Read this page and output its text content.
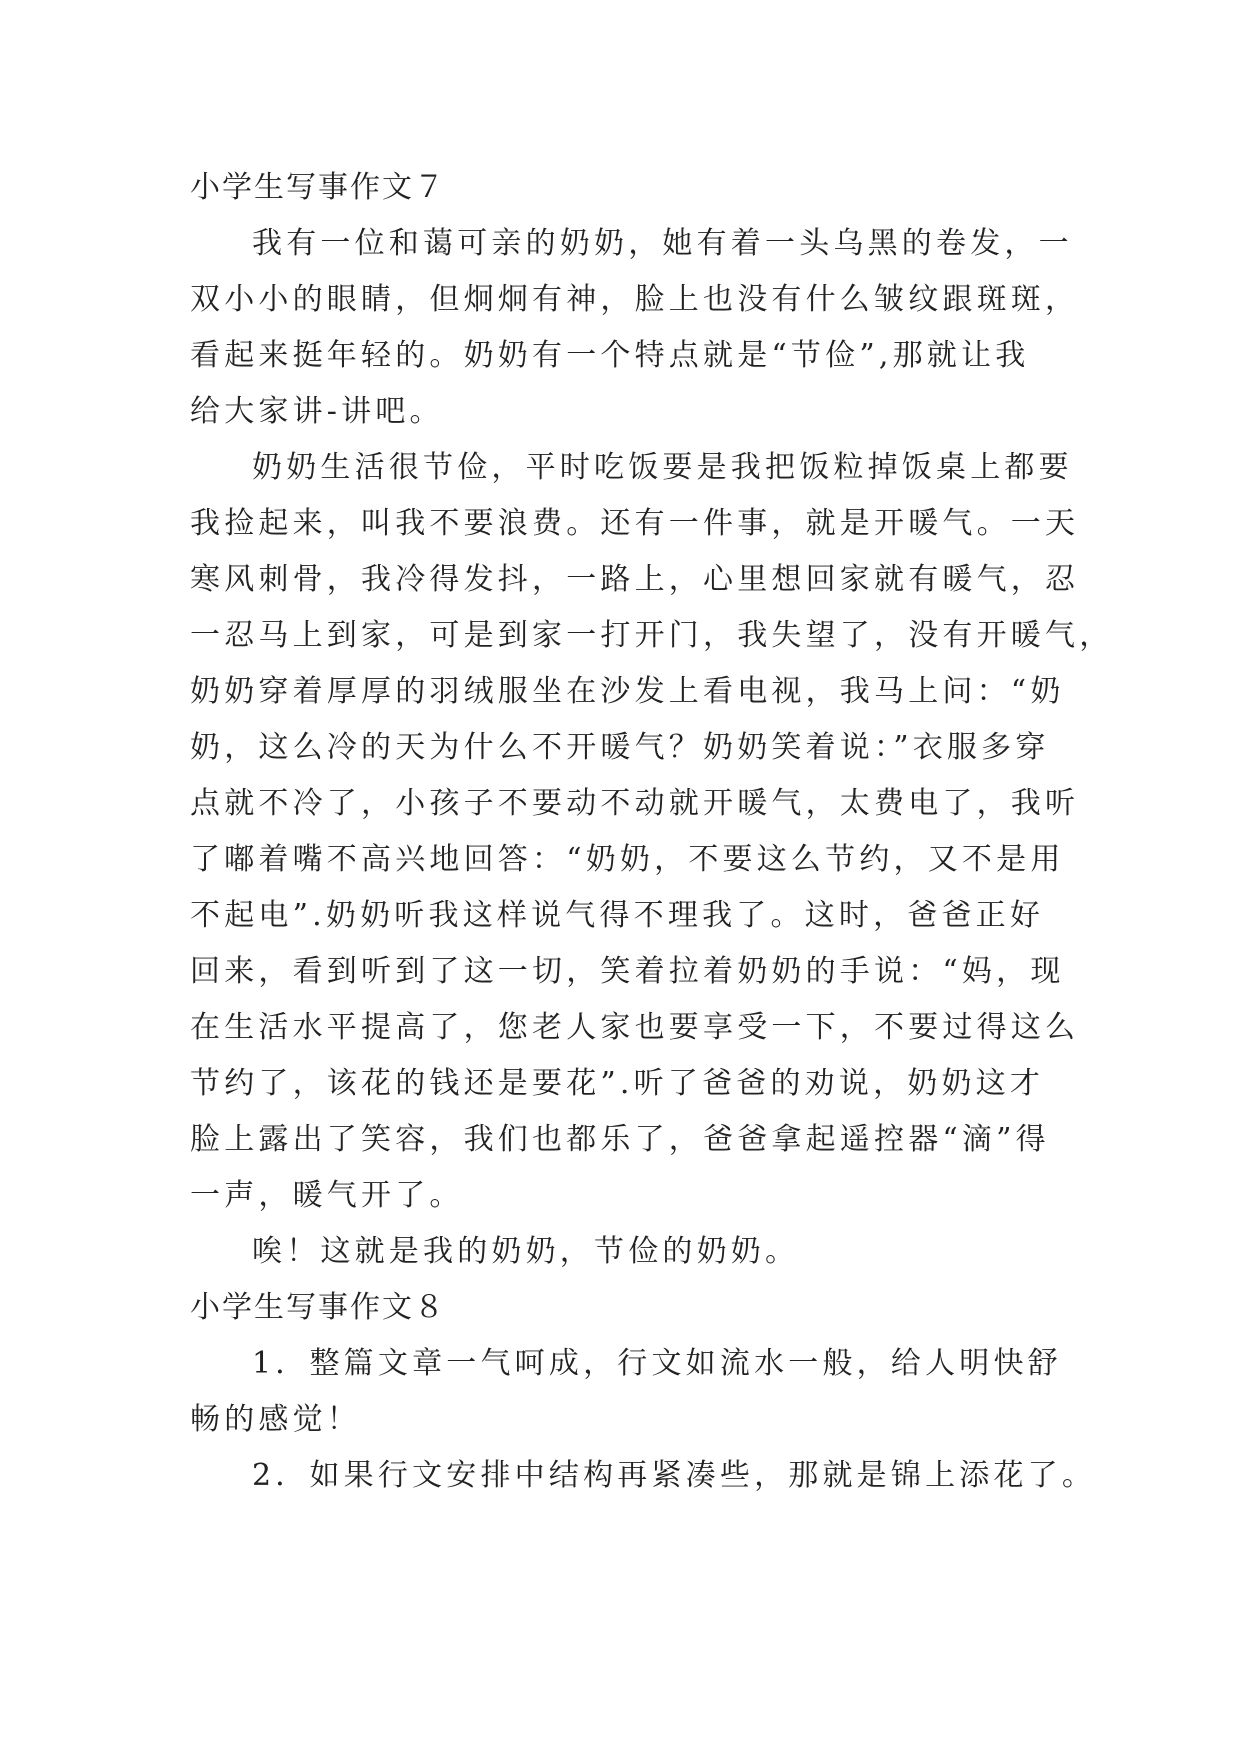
小学生写事作文７
我有一位和蔼可亲的奶奶，她有着一头乌黑的卷发，一
双小小的眼睛，但炯炯有神，脸上也没有什么皱纹跟斑斑，
看起来挺年轻的。奶奶有一个特点就是“节俭”,那就让我
给大家讲-讲吧。
奶奶生活很节俭，平时吃饭要是我把饭粒掉饭桌上都要
我捡起来，叫我不要浪费。还有一件事，就是开暖气。一天
寒风刺骨，我冷得发抖，一路上，心里想回家就有暖气，忍
一忍马上到家，可是到家一打开门，我失望了，没有开暖气，
奶奶穿着厚厚的羽绒服坐在沙发上看电视，我马上问：“奶
奶，这么冷的天为什么不开暖气？奶奶笑着说：”衣服多穿
点就不冷了，小孩子不要动不动就开暖气，太费电了，我听
了嘟着嘴不高兴地回答：“奶奶，不要这么节约，又不是用
不起电”.奶奶听我这样说气得不理我了。这时，爸爸正好
回来，看到听到了这一切，笑着拉着奶奶的手说：“妈，现
在生活水平提高了，您老人家也要享受一下，不要过得这么
节约了，该花的钱还是要花”.听了爸爸的劝说，奶奶这才
脸上露出了笑容，我们也都乐了，爸爸拿起遥控器“滴”得
一声，暖气开了。
唉！这就是我的奶奶，节俭的奶奶。
小学生写事作文８
1．整篇文章一气呵成，行文如流水一般，给人明快舒
畅的感觉！
2．如果行文安排中结构再紧凑些，那就是锦上添花了。
